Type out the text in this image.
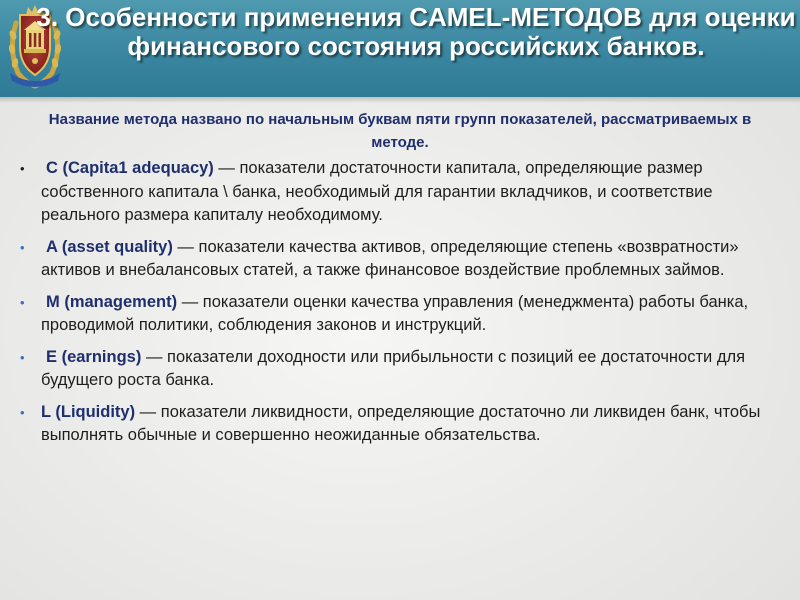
3. Особенности применения CAMEL-МЕТОДОВ для оценки финансового состояния российских банков.

Название метода названо по начальным буквам пяти групп показателей, рассматриваемых в методе.

• C (Capita1 adequacy) — показатели достаточности капитала, определяющие размер собственного капитала \ банка, необходимый для гарантии вкладчиков, и соответствие реального размера капиталу необходимому.
• A (asset quality) — показатели качества активов, определяющие степень «возвратности» активов и внебалансовых статей, а также финансовое воздействие проблемных займов.
• M (management) — показатели оценки качества управления (менеджмента) работы банка, проводимой политики, соблюдения законов и инструкций.
• E (earnings) — показатели доходности или прибыльности с позиций ее достаточности для будущего роста банка.
• L (Liquidity) — показатели ликвидности, определяющие достаточно ли ликвиден банк, чтобы выполнять обычные и совершенно неожиданные обязательства.
